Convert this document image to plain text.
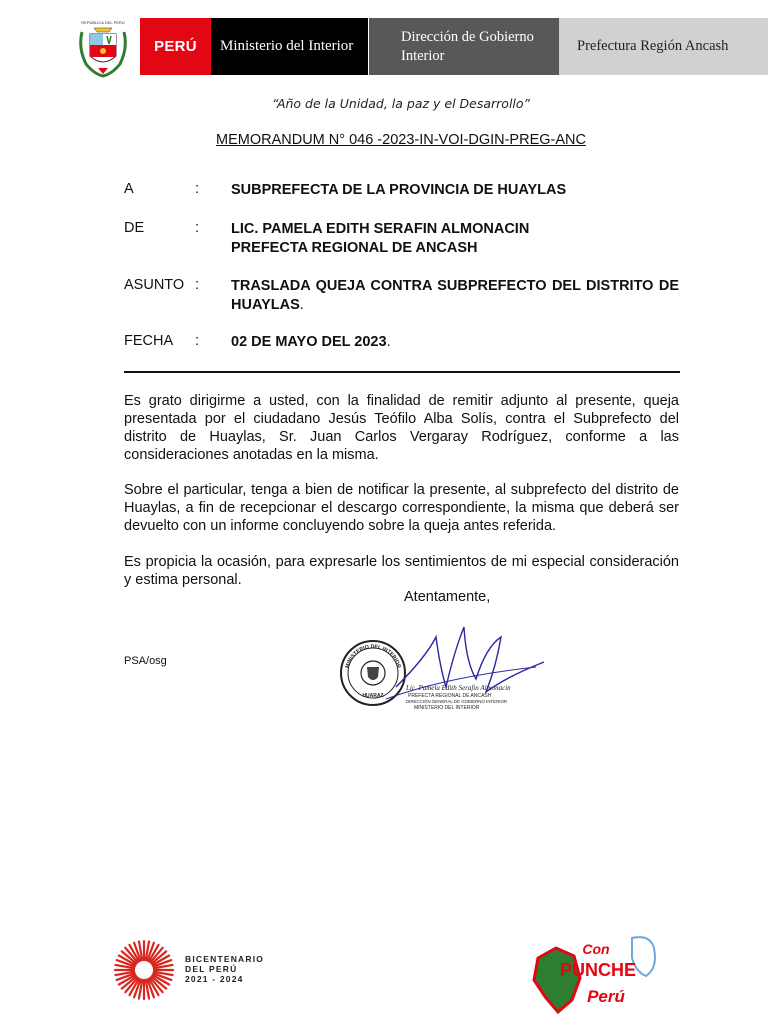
REPÚBLICA DEL PERÚ
PERÚ	Ministerio del Interior
Dirección de Gobierno
Interior
Prefectura Región Ancash
“Año de la Unidad, la paz y el Desarrollo”
MEMORANDUM N° 046 -2023-IN-VOI-DGIN-PREG-ANC
A	: SUBPREFECTA DE LA PROVINCIA DE HUAYLAS
DE	: LIC. PAMELA EDITH SERAFIN ALMONACIN
PREFECTA REGIONAL DE ANCASH
ASUNTO : TRASLADA QUEJA CONTRA SUBPREFECTO DEL DISTRITO DE HUAYLAS.
FECHA : 02 DE MAYO DEL 2023.
Es grato dirigirme a usted, con la finalidad de remitir adjunto al presente, queja presentada por el ciudadano Jesús Teófilo Alba Solís, contra el Subprefecto del distrito de Huaylas, Sr. Juan Carlos Vergaray Rodríguez, conforme a las consideraciones anotadas en la misma.
Sobre el particular, tenga a bien de notificar la presente, al subprefecto del distrito de Huaylas, a fin de recepcionar el descargo correspondiente, la misma que deberá ser devuelto con un informe concluyendo sobre la queja antes referida.
Es propicia la ocasión, para expresarle los sentimientos de mi especial consideración y estima personal.
Atentamente,
PSA/osg	MINISTERIO DEL INTERIOR
HUARAZ
Lic. Pamela Edith Serafin Almonacin
PREFECTA REGIONAL DE ANCASH
DIRECCIÓN GENERAL DE GOBIERNO INTERIOR
MINISTERIO DEL INTERIOR
BICENTENARIO
DEL PERÚ
2021 - 2024
Con
PUNCHE
Perú
